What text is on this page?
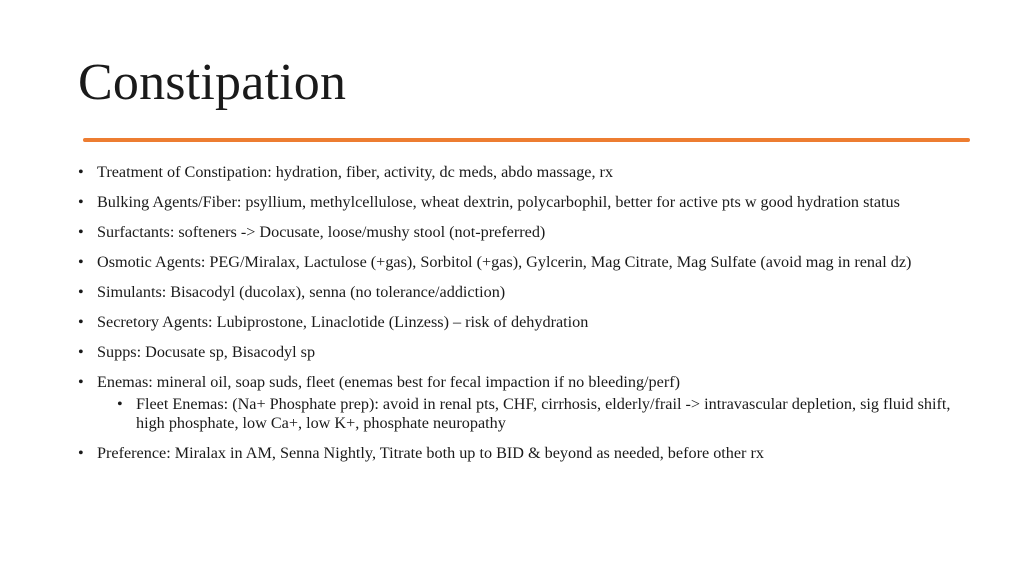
Constipation
• Treatment of Constipation: hydration, fiber, activity, dc meds, abdo massage, rx
• Bulking Agents/Fiber: psyllium, methylcellulose, wheat dextrin, polycarbophil, better for active pts w good hydration status
• Surfactants: softeners -> Docusate, loose/mushy stool (not-preferred)
• Osmotic Agents: PEG/Miralax, Lactulose (+gas), Sorbitol (+gas), Gylcerin, Mag Citrate, Mag Sulfate (avoid mag in renal dz)
• Simulants: Bisacodyl (ducolax), senna (no tolerance/addiction)
• Secretory Agents: Lubiprostone, Linaclotide (Linzess) – risk of dehydration
• Supps: Docusate sp, Bisacodyl sp
• Enemas: mineral oil, soap suds, fleet (enemas best for fecal impaction if no bleeding/perf)
• Fleet Enemas: (Na+ Phosphate prep): avoid in renal pts, CHF, cirrhosis, elderly/frail -> intravascular depletion, sig fluid shift, high phosphate, low Ca+, low K+, phosphate neuropathy
• Preference: Miralax in AM, Senna Nightly, Titrate both up to BID & beyond as needed, before other rx
